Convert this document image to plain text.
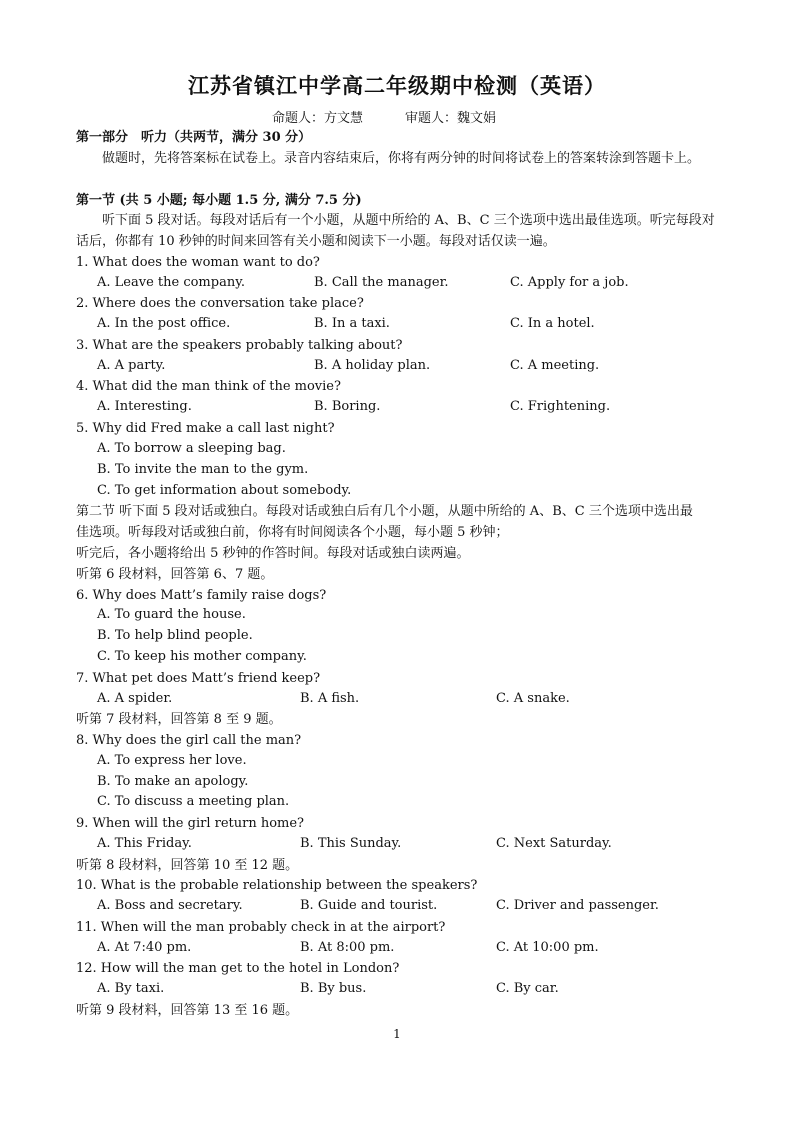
江苏省镇江中学高二年级期中检测（英语）
命题人：方文慧	审题人：魏文娟
第一部分　听力（共两节，满分 30 分）
做题时，先将答案标在试卷上。录音内容结束后，你将有两分钟的时间将试卷上的答案转涂到答题卡上。
第一节 (共 5 小题; 每小题 1.5 分, 满分 7.5 分)
听下面 5 段对话。每段对话后有一个小题，从题中所给的 A、B、C 三个选项中选出最佳选项。听完每段对话后，你都有 10 秒钟的时间来回答有关小题和阅读下一小题。每段对话仅读一遍。
1. What does the woman want to do?
A. Leave the company.	B. Call the manager.	C. Apply for a job.
2. Where does the conversation take place?
A. In the post office.	B. In a taxi.	C. In a hotel.
3. What are the speakers probably talking about?
A. A party.	B. A holiday plan.	C. A meeting.
4. What did the man think of the movie?
A. Interesting.	B. Boring.	C. Frightening.
5. Why did Fred make a call last night?
A. To borrow a sleeping bag.
B. To invite the man to the gym.
C. To get information about somebody.
第二节 听下面 5 段对话或独白。每段对话或独白后有几个小题，从题中所给的 A、B、C 三个选项中选出最
佳选项。听每段对话或独白前，你将有时间阅读各个小题，每小题 5 秒钟；
听完后，各小题将给出 5 秒钟的作答时间。每段对话或独白读两遍。
听第 6 段材料，回答第 6、7 题。
6. Why does Matt’s family raise dogs?
A. To guard the house.
B. To help blind people.
C. To keep his mother company.
7. What pet does Matt’s friend keep?
A. A spider.	B. A fish.	C. A snake.
听第 7 段材料，回答第 8 至 9 题。
8. Why does the girl call the man?
A. To express her love.
B. To make an apology.
C. To discuss a meeting plan.
9. When will the girl return home?
A. This Friday.	B. This Sunday.	C. Next Saturday.
听第 8 段材料，回答第 10 至 12 题。
10. What is the probable relationship between the speakers?
A. Boss and secretary.	B. Guide and tourist.	C. Driver and passenger.
11. When will the man probably check in at the airport?
A. At 7:40 pm.	B. At 8:00 pm.	C. At 10:00 pm.
12. How will the man get to the hotel in London?
A. By taxi.	B. By bus.	C. By car.
听第 9 段材料，回答第 13 至 16 题。
1
